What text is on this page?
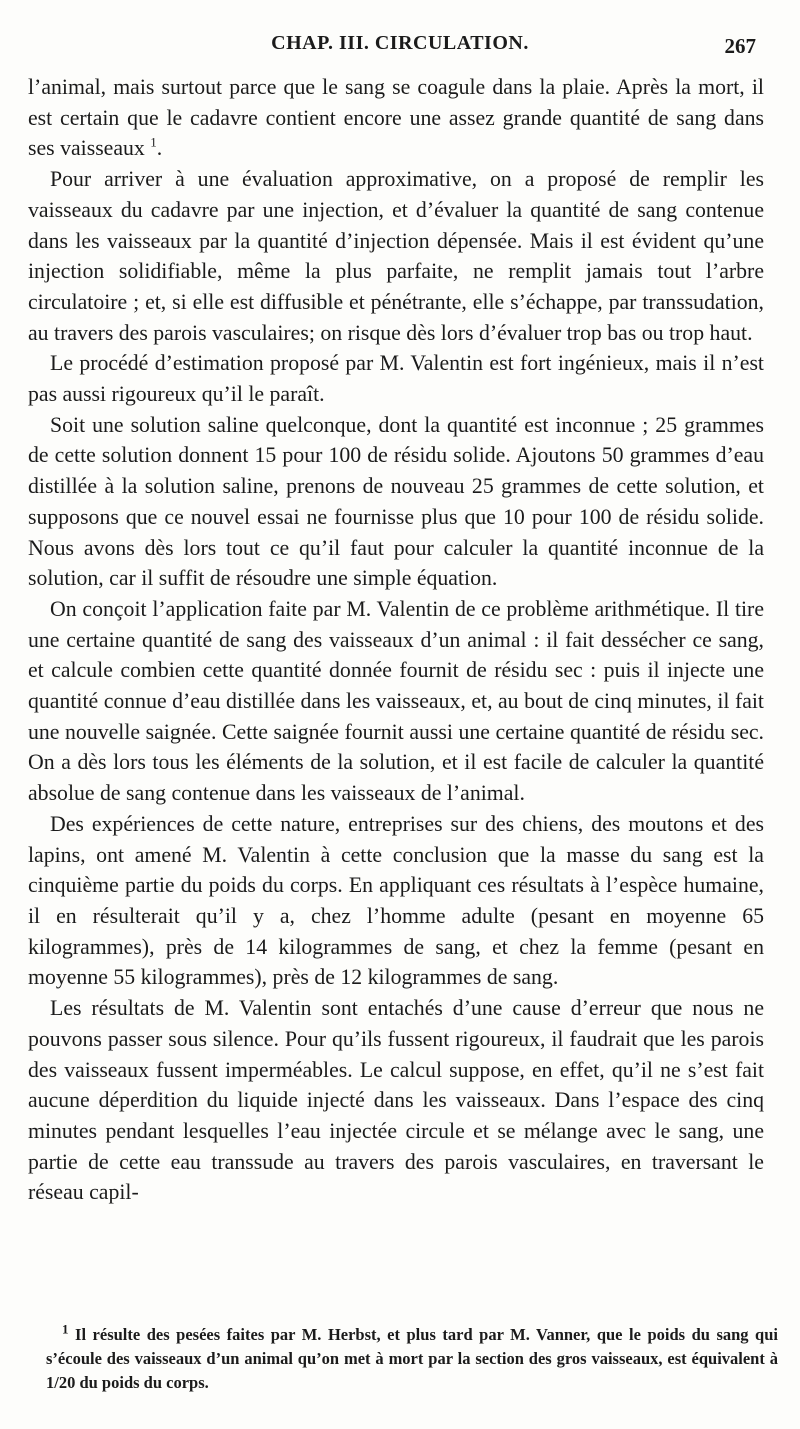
CHAP. III. CIRCULATION.	267

l’animal, mais surtout parce que le sang se coagule dans la plaie. Après la mort, il est certain que le cadavre contient encore une assez grande quantité de sang dans ses vaisseaux $^1$.

Pour arriver à une évaluation approximative, on a proposé de remplir les vaisseaux du cadavre par une injection, et d’évaluer la quantité de sang contenue dans les vaisseaux par la quantité d’injection dépensée. Mais il est évident qu’une injection solidifiable, même la plus parfaite, ne remplit jamais tout l’arbre circulatoire ; et, si elle est diffusible et pénétrante, elle s’échappe, par transsudation, au travers des parois vasculaires; on risque dès lors d’évaluer trop bas ou trop haut.

Le procédé d’estimation proposé par M. Valentin est fort ingénieux, mais il n’est pas aussi rigoureux qu’il le paraît.

Soit une solution saline quelconque, dont la quantité est inconnue ; 25 grammes de cette solution donnent 15 pour 100 de résidu solide. Ajoutons 50 grammes d’eau distillée à la solution saline, prenons de nouveau 25 grammes de cette solution, et supposons que ce nouvel essai ne fournisse plus que 10 pour 100 de résidu solide. Nous avons dès lors tout ce qu’il faut pour calculer la quantité inconnue de la solution, car il suffit de résoudre une simple équation.

On conçoit l’application faite par M. Valentin de ce problème arithmétique. Il tire une certaine quantité de sang des vaisseaux d’un animal : il fait dessécher ce sang, et calcule combien cette quantité donnée fournit de résidu sec : puis il injecte une quantité connue d’eau distillée dans les vaisseaux, et, au bout de cinq minutes, il fait une nouvelle saignée. Cette saignée fournit aussi une certaine quantité de résidu sec. On a dès lors tous les éléments de la solution, et il est facile de calculer la quantité absolue de sang contenue dans les vaisseaux de l’animal.

Des expériences de cette nature, entreprises sur des chiens, des moutons et des lapins, ont amené M. Valentin à cette conclusion que la masse du sang est la cinquième partie du poids du corps. En appliquant ces résultats à l’espèce humaine, il en résulterait qu’il y a, chez l’homme adulte (pesant en moyenne 65 kilogrammes), près de 14 kilogrammes de sang, et chez la femme (pesant en moyenne 55 kilogrammes), près de 12 kilogrammes de sang.

Les résultats de M. Valentin sont entachés d’une cause d’erreur que nous ne pouvons passer sous silence. Pour qu’ils fussent rigoureux, il faudrait que les parois des vaisseaux fussent imperméables. Le calcul suppose, en effet, qu’il ne s’est fait aucune déperdition du liquide injecté dans les vaisseaux. Dans l’espace des cinq minutes pendant lesquelles l’eau injectée circule et se mélange avec le sang, une partie de cette eau transsude au travers des parois vasculaires, en traversant le réseau capil-

$^1$ Il résulte des pesées faites par M. Herbst, et plus tard par M. Vanner, que le poids du sang qui s’écoule des vaisseaux d’un animal qu’on met à mort par la section des gros vaisseaux, est équivalent à 1/20 du poids du corps.
